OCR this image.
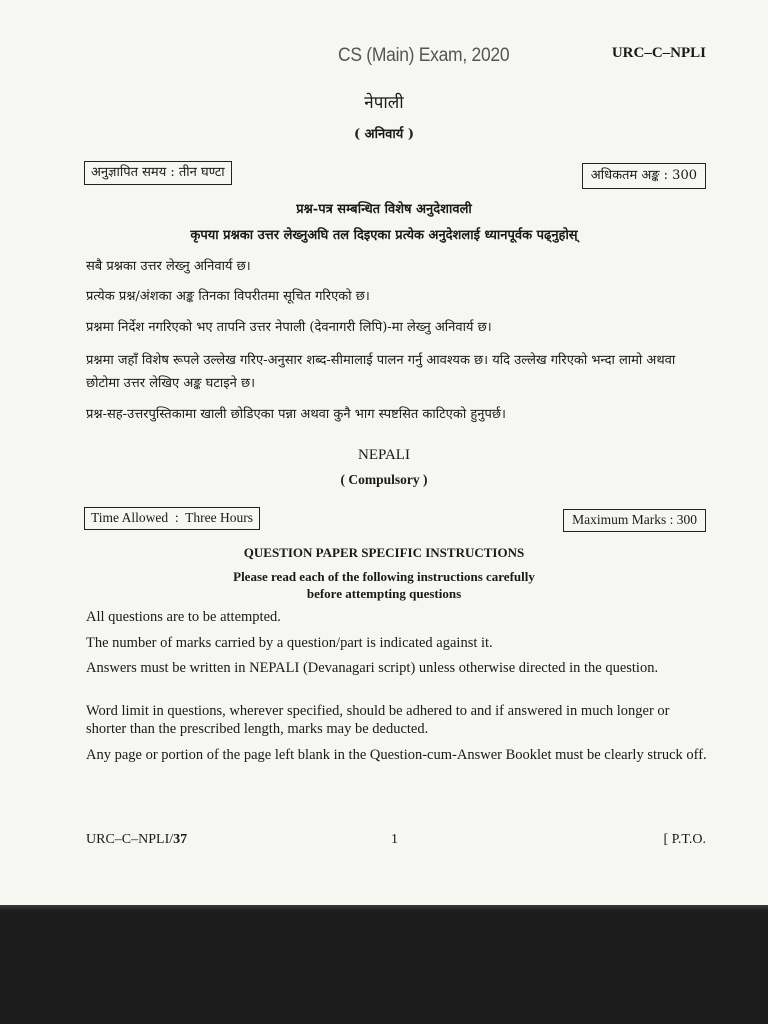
CS (Main) Exam, 2020	URC–C–NPLI
नेपाली
( अनिवार्य )
अनुज्ञापित समय : तीन घण्टा	अधिकतम अङ्क : 300
प्रश्न-पत्र सम्बन्धित विशेष अनुदेशावली
कृपया प्रश्नका उत्तर लेख्नुअघि तल दिइएका प्रत्येक अनुदेशलाई ध्यानपूर्वक पढ्नुहोस्
सबै प्रश्नका उत्तर लेख्नु अनिवार्य छ।
प्रत्येक प्रश्न/अंशका अङ्क तिनका विपरीतमा सूचित गरिएको छ।
प्रश्नमा निर्देश नगरिएको भए तापनि उत्तर नेपाली (देवनागरी लिपि)-मा लेख्नु अनिवार्य छ।
प्रश्नमा जहाँ विशेष रूपले उल्लेख गरिए-अनुसार शब्द-सीमालाई पालन गर्नु आवश्यक छ। यदि उल्लेख गरिएको भन्दा लामो अथवा छोटोमा उत्तर लेखिए अङ्क घटाइने छ।
प्रश्न-सह-उत्तरपुस्तिकामा खाली छोडिएका पन्ना अथवा कुनै भाग स्पष्टसित काटिएको हुनुपर्छ।
NEPALI
( Compulsory )
Time Allowed  :  Three Hours	Maximum Marks : 300
QUESTION PAPER SPECIFIC INSTRUCTIONS
Please read each of the following instructions carefully
before attempting questions
All questions are to be attempted.
The number of marks carried by a question/part is indicated against it.
Answers must be written in NEPALI (Devanagari script) unless otherwise directed in the question.
Word limit in questions, wherever specified, should be adhered to and if answered in much longer or shorter than the prescribed length, marks may be deducted.
Any page or portion of the page left blank in the Question-cum-Answer Booklet must be clearly struck off.
URC–C–NPLI/37	1	[ P.T.O.
